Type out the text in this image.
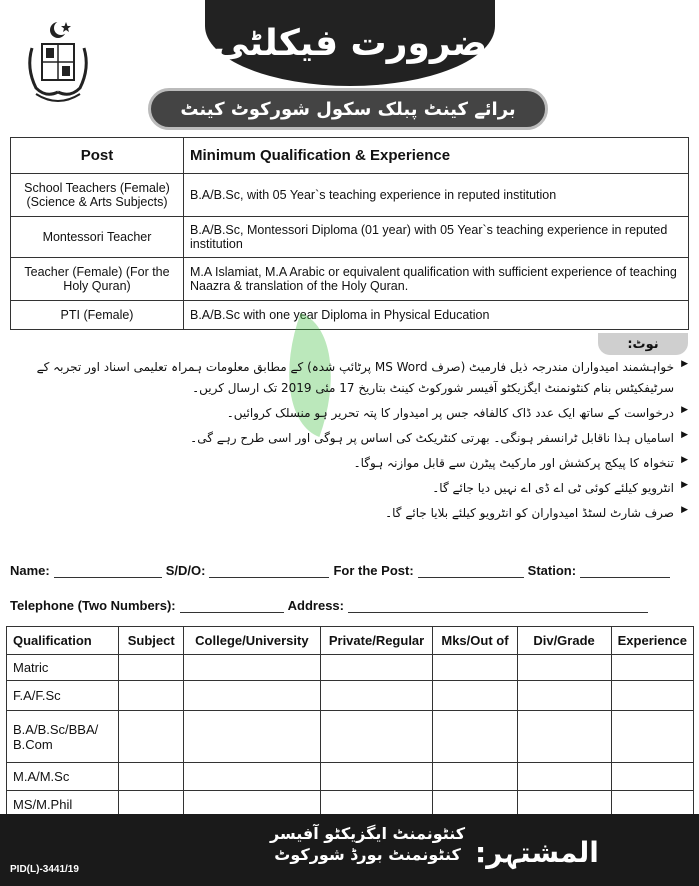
ضرورت فیکلٹی
برائے کینٹ پبلک سکول شورکوٹ کینٹ
Post	Minimum Qualification & Experience
School Teachers (Female) (Science & Arts Subjects)	B.A/B.Sc, with 05 Year`s teaching experience in reputed institution
Montessori Teacher	B.A/B.Sc, Montessori Diploma (01 year) with 05 Year`s teaching experience in reputed institution
Teacher (Female) (For the Holy Quran)	M.A Islamiat, M.A Arabic or equivalent qualification with sufficient experience of teaching Naazra & translation of the Holy Quran.
PTI (Female)	B.A/B.Sc with one year Diploma in Physical Education
نوٹ:
▶ خواہشمند امیدواران مندرجہ ذیل فارمیٹ (صرف MS Word پرٹائپ شدہ) کے مطابق معلومات ہمراہ تعلیمی اسناد اور تجربہ کے سرٹیفکیٹس بنام کنٹونمنٹ ایگزیکٹو آفیسر شورکوٹ کینٹ بتاریخ 17 مئی 2019 تک ارسال کریں۔
▶ درخواست کے ساتھ ایک عدد ڈاک کالفافہ جس پر امیدوار کا پتہ تحریر ہو منسلک کروائیں۔
▶ اسامیاں ہذا ناقابل ٹرانسفر ہونگی۔ بھرتی کنٹریکٹ کی اساس پر ہوگی اور اسی طرح رہے گی۔
▶ تنخواہ کا پیکج پرکشش اور مارکیٹ پیٹرن سے قابل موازنہ ہوگا۔
▶ انٹرویو کیلئے کوئی ٹی اے ڈی اے نہیں دیا جائے گا۔
▶ صرف شارٹ لسٹڈ امیدواران کو انٹرویو کیلئے بلایا جائے گا۔
Name:	S/D/O:	For the Post:	Station:
Telephone (Two Numbers):	Address:
Qualification	Subject	College/University	Private/Regular	Mks/Out of	Div/Grade	Experience
Matric						
F.A/F.Sc						
B.A/B.Sc/BBA/ B.Com						
M.A/M.Sc						
MS/M.Phil						
المشتہر:
کنٹونمنٹ ایگزیکٹو آفیسر
کنٹونمنٹ بورڈ شورکوٹ
PID(L)-3441/19
